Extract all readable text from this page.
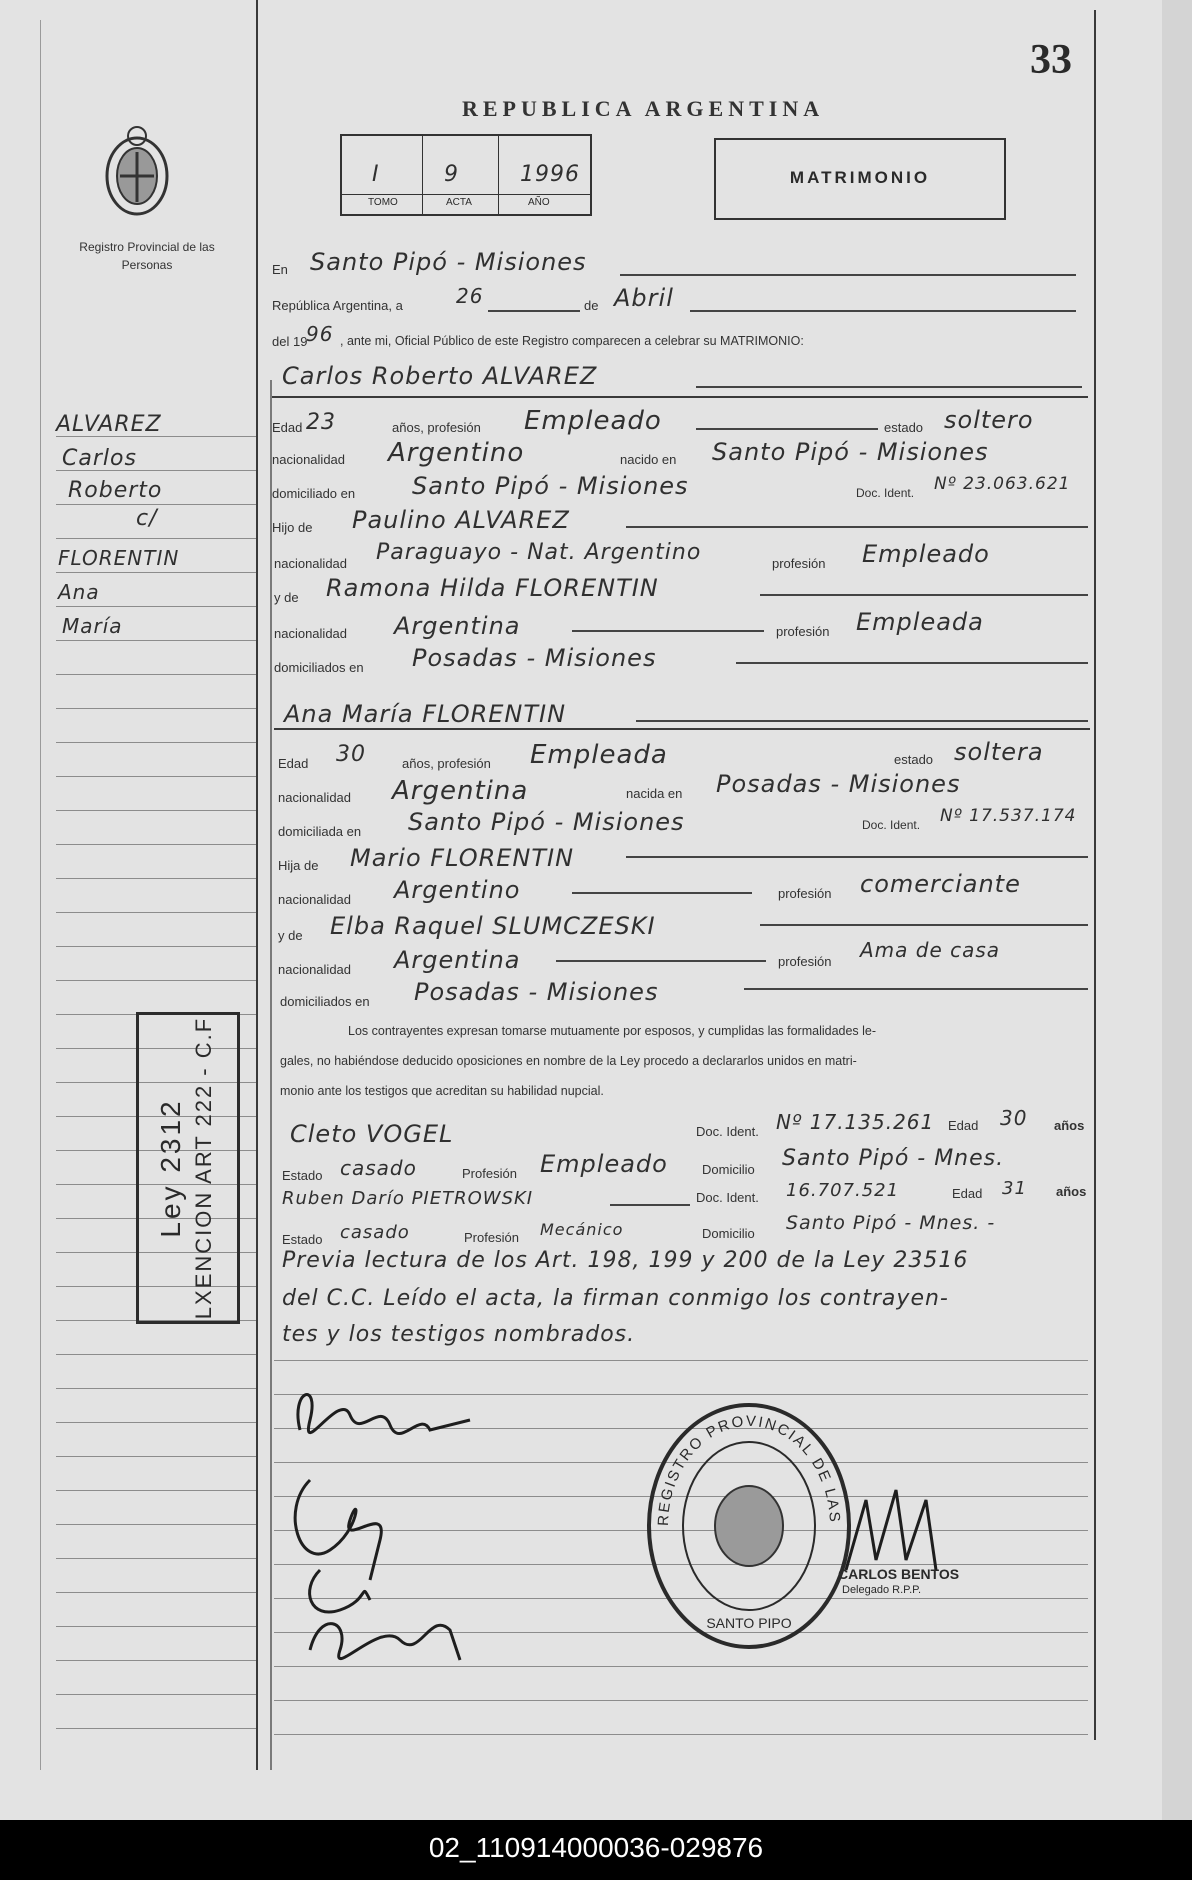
33
Registro Provincial de las Personas
REPUBLICA ARGENTINA
I	9	1996
TOMO	ACTA	AÑO
MATRIMONIO
En Santo Pipó - Misiones
República Argentina, a	26	de Abril
del 19
96 , ante mi, Oficial Público de este Registro comparecen a celebrar su MATRIMONIO:
Carlos Roberto ALVAREZ
Edad 23	años, profesión Empleado	estado soltero
nacionalidad Argentino	nacido en Santo Pipó - Misiones
domiciliado en Santo Pipó - Misiones	Doc. Ident. Nº 23.063.621
Hijo de Paulino ALVAREZ
nacionalidad Paraguayo - Nat. Argentino	profesión Empleado
y de Ramona Hilda FLORENTIN
nacionalidad Argentina	profesión Empleada
domiciliados en Posadas - Misiones
Ana María FLORENTIN
Edad 30	años, profesión Empleada	estado soltera
nacionalidad Argentina	nacida en Posadas - Misiones
domiciliada en Santo Pipó - Misiones	Doc. Ident. Nº 17.537.174
Hija de Mario FLORENTIN
nacionalidad Argentino	profesión comerciante
y de Elba Raquel SLUMCZESKI
nacionalidad Argentina	profesión Ama de casa
domiciliados en Posadas - Misiones
Los contrayentes expresan tomarse mutuamente por esposos, y cumplidas las formalidades le-
gales, no habiéndose deducido oposiciones en nombre de la Ley procedo a declararlos unidos en matri-
monio ante los testigos que acreditan su habilidad nupcial.
Cleto VOGEL	Doc. Ident. Nº 17.135.261 Edad 30 años
Estado casado	Profesión Empleado	Domicilio Santo Pipó - Mnes.
Ruben Darío PIETROWSKI	Doc. Ident. 16.707.521	Edad 31 años
Estado casado	Profesión Mecánico	Domicilio Santo Pipó - Mnes. -
Previa lectura de los Art. 198, 199 y 200 de la Ley 23516
del C.C. Leído el acta, la firman conmigo los contrayen-
tes y los testigos nombrados.
ALVAREZ
Carlos
Roberto
c/
FLORENTIN
Ana
María
Ley 2312 LXENCION ART 222 - C.F
REGISTRO PROVINCIAL DE LAS
SANTO PIPO
CARLOS BENTOS
Delegado R.P.P.
02_110914000036-029876
